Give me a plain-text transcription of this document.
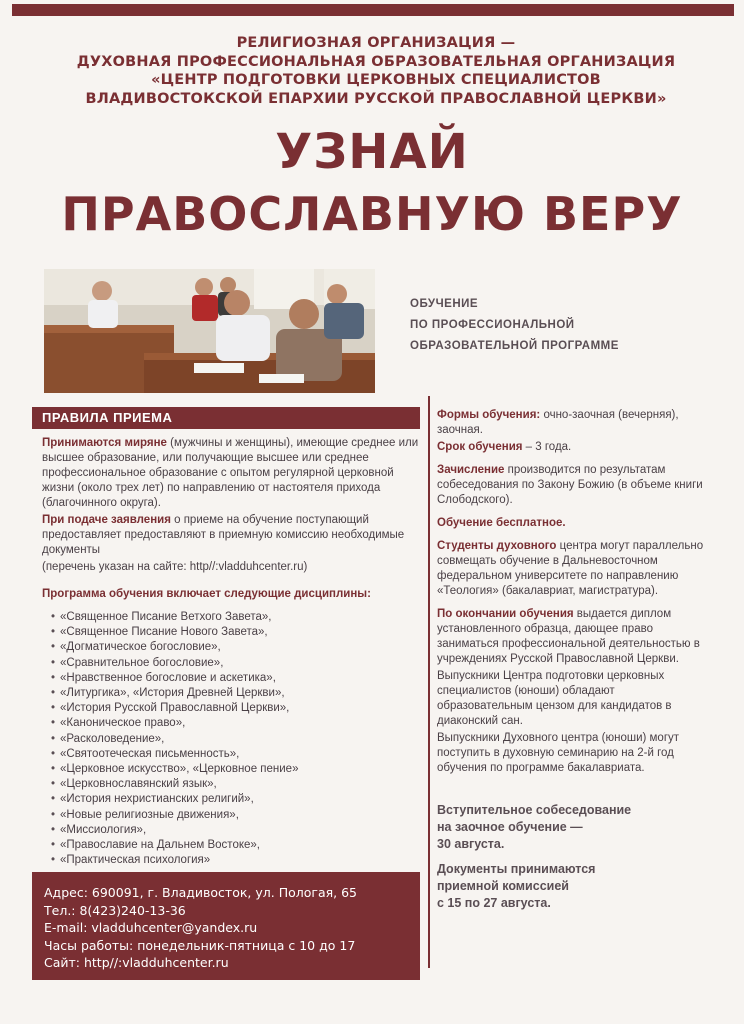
РЕЛИГИОЗНАЯ ОРГАНИЗАЦИЯ —
ДУХОВНАЯ ПРОФЕССИОНАЛЬНАЯ ОБРАЗОВАТЕЛЬНАЯ ОРГАНИЗАЦИЯ
«ЦЕНТР ПОДГОТОВКИ ЦЕРКОВНЫХ СПЕЦИАЛИСТОВ
ВЛАДИВОСТОКСКОЙ ЕПАРХИИ РУССКОЙ ПРАВОСЛАВНОЙ ЦЕРКВИ»
УЗНАЙ
ПРАВОСЛАВНУЮ ВЕРУ
ОБУЧЕНИЕ
ПО ПРОФЕССИОНАЛЬНОЙ
ОБРАЗОВАТЕЛЬНОЙ ПРОГРАММЕ
ПРАВИЛА ПРИЕМА

Принимаются миряне (мужчины и женщины), имеющие среднее или высшее образование, или получающие высшее или среднее профессиональное образование с опытом регулярной церковной жизни (около трех лет) по направлению от настоятеля прихода (благочинного округа).

При подаче заявления о приеме на обучение поступающий предоставляет предоставляют в приемную комиссию необходимые документы

(перечень указан на сайте: http//:vladduhcenter.ru)

Программа обучения включает следующие дисциплины:

• «Священное Писание Ветхого Завета»,
• «Священное Писание Нового Завета»,
• «Догматическое богословие»,
• «Сравнительное богословие»,
• «Нравственное богословие и аскетика»,
• «Литургика», «История Древней Церкви»,
• «История Русской Православной Церкви»,
• «Каноническое право»,
• «Расколоведение»,
• «Святоотеческая письменность»,
• «Церковное искусство», «Церковное пение»
• «Церковнославянский язык»,
• «История нехристианских религий»,
• «Новые религиозные движения»,
• «Миссиология»,
• «Православие на Дальнем Востоке»,
• «Практическая психология»

Формы обучения: очно-заочная (вечерняя), заочная.

Срок обучения – 3 года.

Зачисление производится по результатам собеседования по Закону Божию (в объеме книги Слободского).

Обучение бесплатное.

Студенты духовного центра могут параллельно совмещать обучение в Дальневосточном федеральном университете по направлению «Теология» (бакалавриат, магистратура).

По окончании обучения выдается диплом установленного образца, дающее право заниматься профессиональной деятельностью в учреждениях Русской Православной Церкви.

Выпускники Центра подготовки церковных специалистов (юноши) обладают образовательным цензом для кандидатов в диаконский сан.

Выпускники Духовного центра (юноши) могут поступить в духовную семинарию на 2-й год обучения по программе бакалавриата.

Вступительное собеседование
на заочное обучение —
30 августа.

Документы принимаются
приемной комиссией
с 15 по 27 августа.

Адрес: 690091, г. Владивосток, ул. Пологая, 65
Тел.: 8(423)240-13-36
E-mail: vladduhcenter@yandex.ru
Часы работы: понедельник-пятница с 10 до 17
Сайт: http//:vladduhcenter.ru
